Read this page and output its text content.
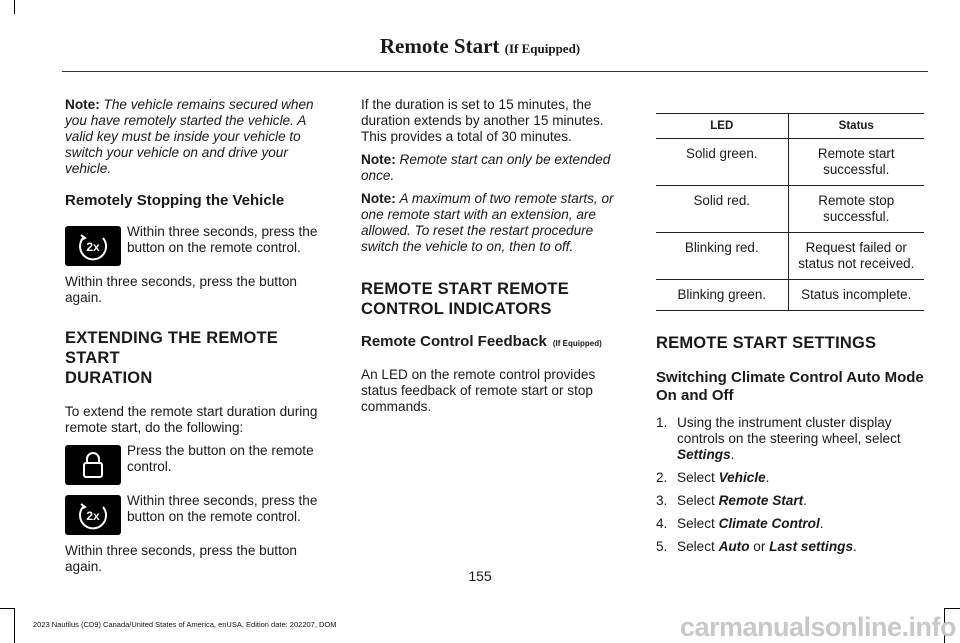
Remote Start (If Equipped)

Note: The vehicle remains secured when you have remotely started the vehicle. A valid key must be inside your vehicle to switch your vehicle on and drive your vehicle.

Remotely Stopping the Vehicle
2x
Within three seconds, press the button on the remote control.

Within three seconds, press the button again.

EXTENDING THE REMOTE START
DURATION

To extend the remote start duration during remote start, do the following:

Press the button on the remote control.
2x
Within three seconds, press the button on the remote control.

Within three seconds, press the button again.

If the duration is set to 15 minutes, the duration extends by another 15 minutes. This provides a total of 30 minutes.

Note: Remote start can only be extended once.

Note: A maximum of two remote starts, or one remote start with an extension, are allowed. To reset the restart procedure switch the vehicle to on, then to off.

REMOTE START REMOTE
CONTROL INDICATORS
Remote Control Feedback (If Equipped)

An LED on the remote control provides status feedback of remote start or stop commands.

LED	Status
Solid green.	Remote start successful.
Solid red.	Remote stop successful.
Blinking red.	Request failed or status not received.
Blinking green.	Status incomplete.
REMOTE START SETTINGS
Switching Climate Control Auto Mode On and Off
1. Using the instrument cluster display controls on the steering wheel, select Settings.
2. Select Vehicle.
3. Select Remote Start.
4. Select Climate Control.
5. Select Auto or Last settings.
155
2023 Nautilus (CD9) Canada/United States of America, enUSA, Edition date: 202207, DOM	carmanualsonline.info
